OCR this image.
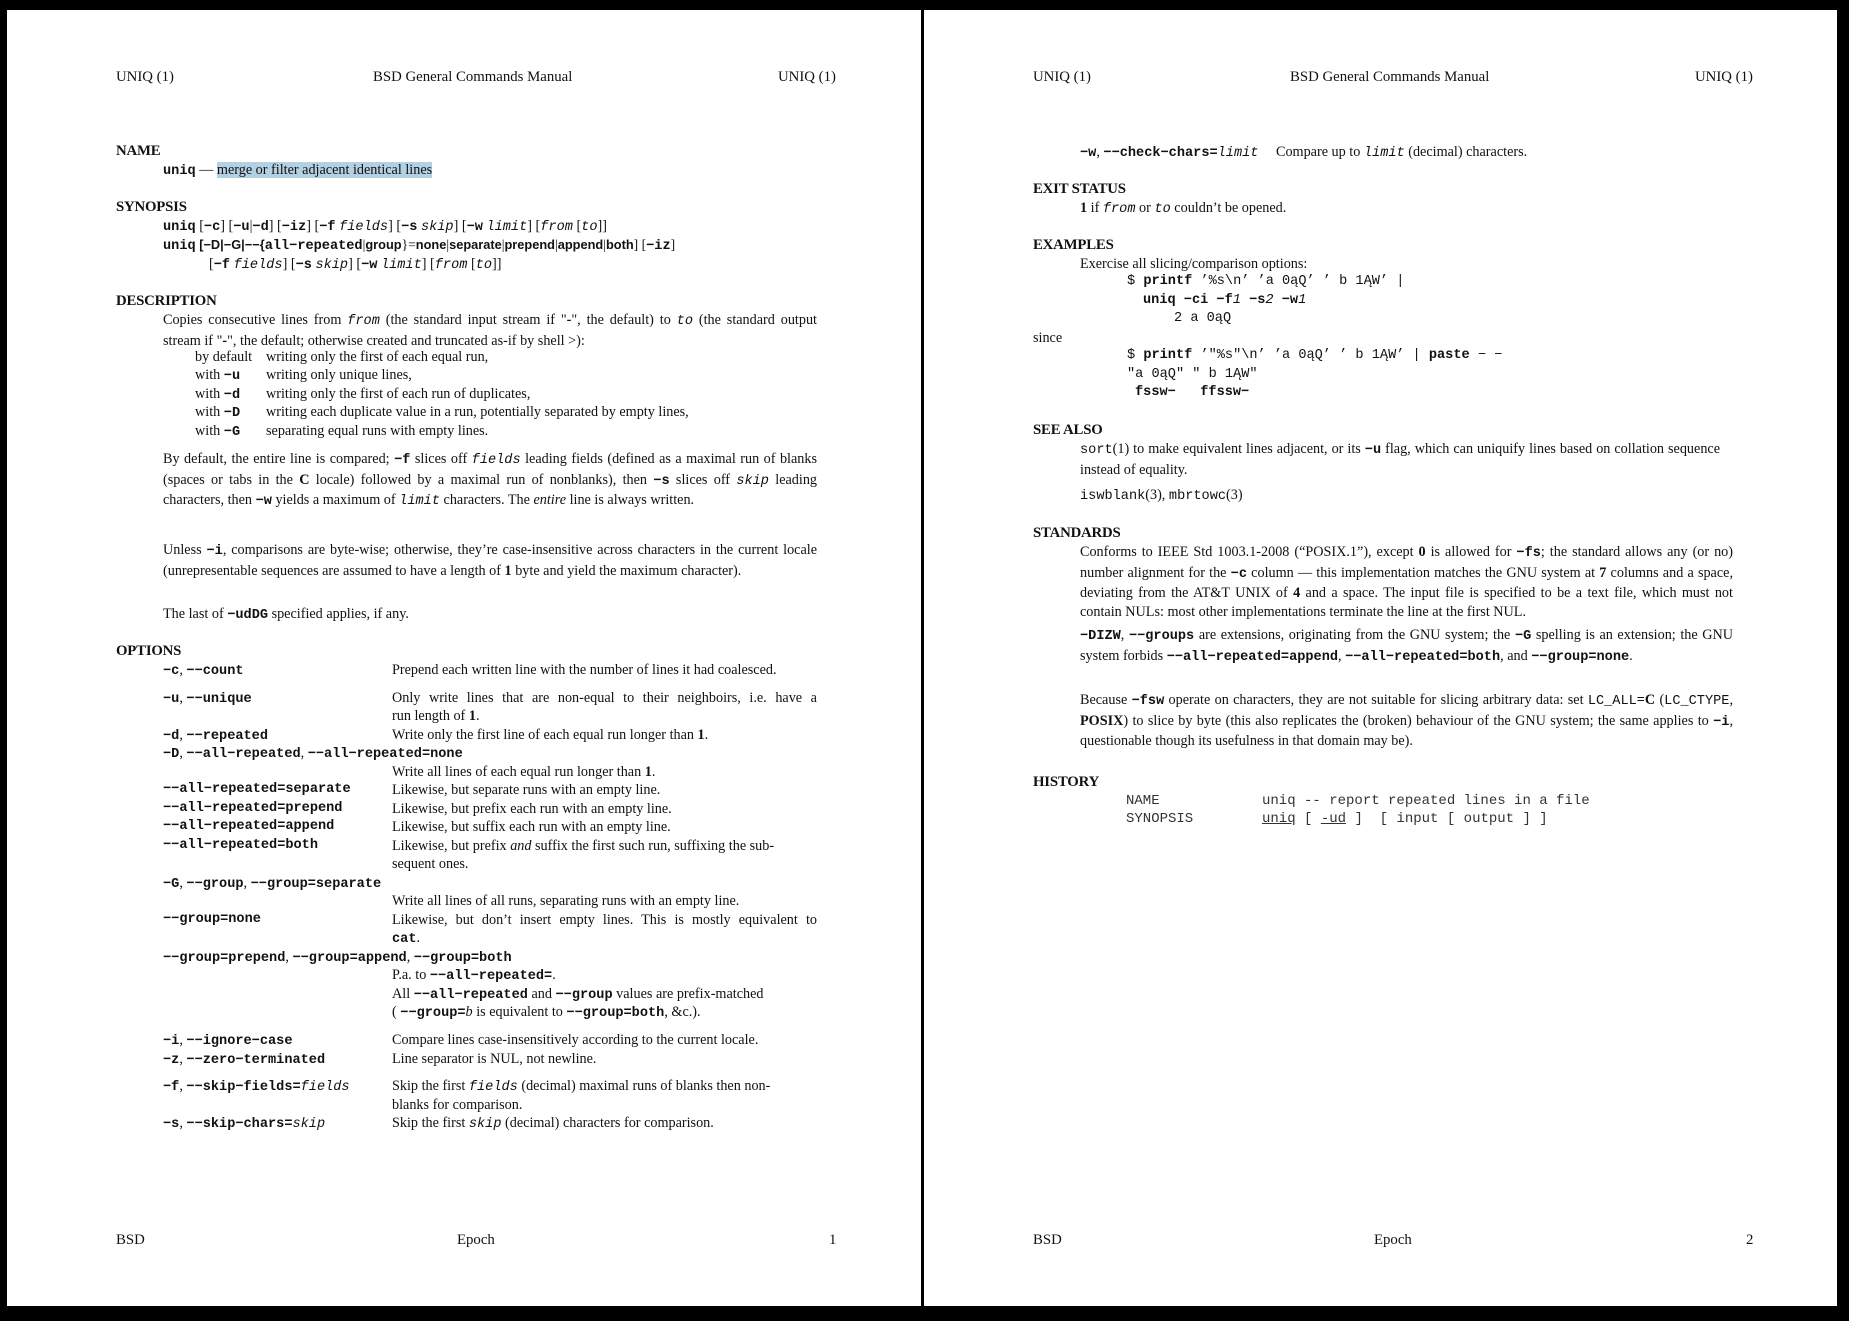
UNIQ (1)	BSD General Commands Manual	UNIQ (1)
NAME
uniq — merge or filter adjacent identical lines
SYNOPSIS
uniq [−c] [−u|−d] [−iz] [−f fields] [−s skip] [−w limit] [from [to]]
uniq [−D|−G|−−{all−repeated|group}=none|separate|prepend|append|both] [−iz]
[−f fields] [−s skip] [−w limit] [from [to]]
DESCRIPTION
Copies consecutive lines from from (the standard input stream if "-", the default) to to (the standard output stream if "-", the default; otherwise created and truncated as-if by shell >):
by default writing only the first of each equal run,
with −u writing only unique lines,
with −d writing only the first of each run of duplicates,
with −D writing each duplicate value in a run, potentially separated by empty lines,
with −G separating equal runs with empty lines.
By default, the entire line is compared; −f slices off fields leading fields (defined as a maximal run of blanks (spaces or tabs in the C locale) followed by a maximal run of nonblanks), then −s slices off skip leading characters, then −w yields a maximum of limit characters. The entire line is always written.
Unless −i, comparisons are byte-wise; otherwise, they’re case-insensitive across characters in the current locale (unrepresentable sequences are assumed to have a length of 1 byte and yield the maximum character).
The last of −udDG specified applies, if any.
OPTIONS
−c, −−count	Prepend each written line with the number of lines it had coalesced.
−u, −−unique	Only write lines that are non-equal to their neighboirs, i.e. have a
run length of 1.
−d, −−repeated	Write only the first line of each equal run longer than 1.
−D, −−all−repeated, −−all−repeated=none
Write all lines of each equal run longer than 1.
−−all−repeated=separate	Likewise, but separate runs with an empty line.
−−all−repeated=prepend	Likewise, but prefix each run with an empty line.
−−all−repeated=append	Likewise, but suffix each run with an empty line.
−−all−repeated=both	Likewise, but prefix and suffix the first such run, suffixing the sub-
sequent ones.
−G, −−group, −−group=separate
Write all lines of all runs, separating runs with an empty line.
−−group=none	Likewise, but don’t insert empty lines. This is mostly equivalent to
cat.
−−group=prepend, −−group=append, −−group=both
P.a. to −−all−repeated=.
All −−all−repeated and −−group values are prefix-matched
( −−group=b is equivalent to −−group=both, &c.).
−i, −−ignore−case	Compare lines case-insensitively according to the current locale.
−z, −−zero−terminated	Line separator is NUL, not newline.
−f, −−skip−fields=fields	Skip the first fields (decimal) maximal runs of blanks then non-
blanks for comparison.
−s, −−skip−chars=skip	Skip the first skip (decimal) characters for comparison.
BSD	Epoch	1
UNIQ (1)	BSD General Commands Manual	UNIQ (1)
−w, −−check−chars=limit Compare up to limit (decimal) characters.
EXIT STATUS
1 if from or to couldn’t be opened.
EXAMPLES
Exercise all slicing/comparison options:
$ printf ’%s\n’ ’a 0ąQ’ ’ b 1ĄW’ |
uniq −ci −f1 −s2 −w1
2 a 0ąQ
since
$ printf ’"%s"\n’ ’a 0ąQ’ ’ b 1ĄW’ | paste − −
"a 0ąQ" " b 1ĄW"
fssw−   ffssw−
SEE ALSO
sort(1) to make equivalent lines adjacent, or its −u flag, which can uniquify lines based on collation sequence instead of equality.
iswblank(3), mbrtowc(3)
STANDARDS
Conforms to IEEE Std 1003.1-2008 (“POSIX.1”), except 0 is allowed for −fs; the standard allows any (or no) number alignment for the −c column — this implementation matches the GNU system at 7 columns and a space, deviating from the AT&T UNIX of 4 and a space. The input file is specified to be a text file, which must not contain NULs: most other implementations terminate the line at the first NUL.
−DIZW, −−groups are extensions, originating from the GNU system; the −G spelling is an extension; the GNU system forbids −−all−repeated=append, −−all−repeated=both, and −−group=none.
Because −fsw operate on characters, they are not suitable for slicing arbitrary data: set LC_ALL=C (LC_CTYPE, POSIX) to slice by byte (this also replicates the (broken) behaviour of the GNU system; the same applies to −i, questionable though its usefulness in that domain may be).
HISTORY
NAME	uniq -- report repeated lines in a file
SYNOPSIS	uniq [ -ud ]  [ input [ output ] ]
BSD	Epoch	2
